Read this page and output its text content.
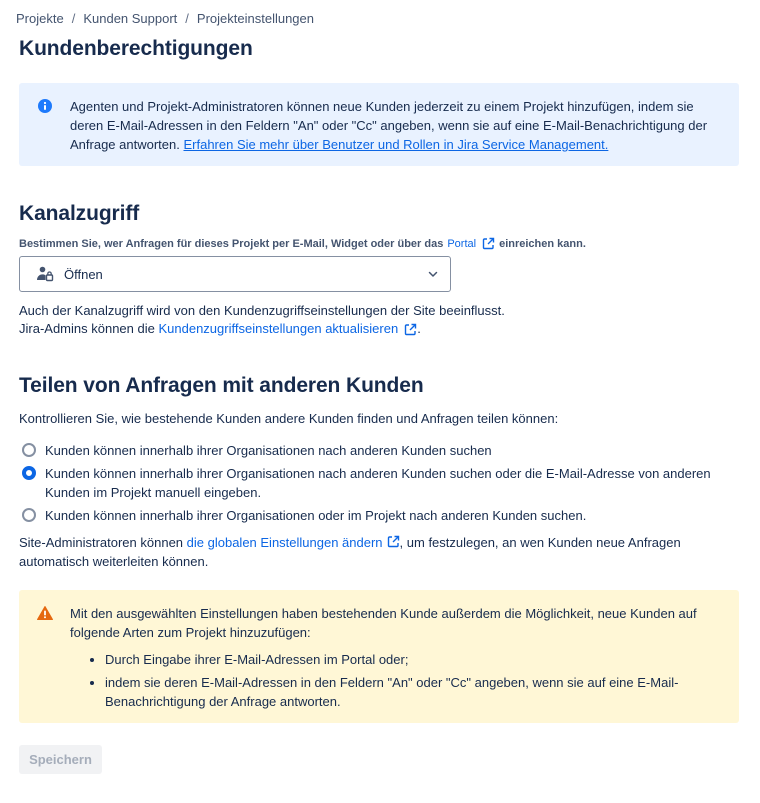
Projekte / Kunden Support / Projekteinstellungen
Kundenberechtigungen

Agenten und Projekt-Administratoren können neue Kunden jederzeit zu einem Projekt hinzufügen, indem sie deren E-Mail-Adressen in den Feldern "An" oder "Cc" angeben, wenn sie auf eine E-Mail-Benachrichtigung der Anfrage antworten. Erfahren Sie mehr über Benutzer und Rollen in Jira Service Management.

Kanalzugriff
Bestimmen Sie, wer Anfragen für dieses Projekt per E-Mail, Widget oder über das Portal einreichen kann.
Öffnen
Auch der Kanalzugriff wird von den Kundenzugriffseinstellungen der Site beeinflusst.
Jira-Admins können die Kundenzugriffseinstellungen aktualisieren .
Teilen von Anfragen mit anderen Kunden

Kontrollieren Sie, wie bestehende Kunden andere Kunden finden und Anfragen teilen können:

Kunden können innerhalb ihrer Organisationen nach anderen Kunden suchen
Kunden können innerhalb ihrer Organisationen nach anderen Kunden suchen oder die E-Mail-Adresse von anderen Kunden im Projekt manuell eingeben.
Kunden können innerhalb ihrer Organisationen oder im Projekt nach anderen Kunden suchen.

Site-Administratoren können die globalen Einstellungen ändern , um festzulegen, an wen Kunden neue Anfragen automatisch weiterleiten können.

Mit den ausgewählten Einstellungen haben bestehenden Kunde außerdem die Möglichkeit, neue Kunden auf folgende Arten zum Projekt hinzuzufügen:

• Durch Eingabe ihrer E-Mail-Adressen im Portal oder;
• indem sie deren E-Mail-Adressen in den Feldern "An" oder "Cc" angeben, wenn sie auf eine E-Mail-Benachrichtigung der Anfrage antworten.
Speichern
